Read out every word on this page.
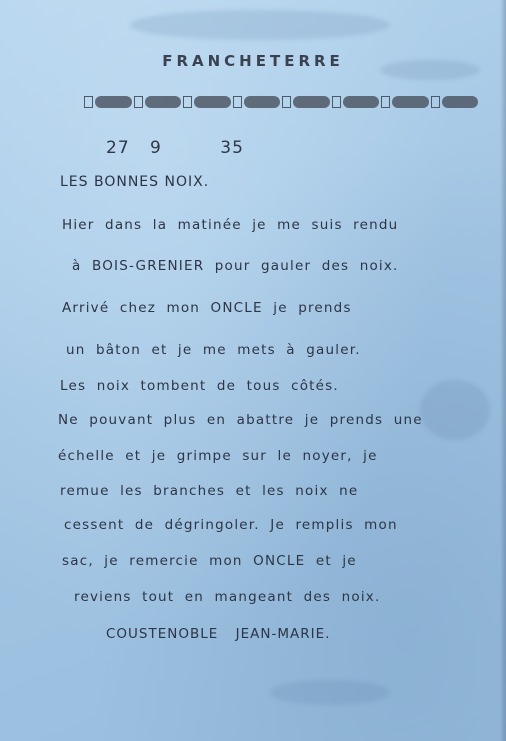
FRANCHETERRE
27 9	35
LES BONNES NOIX.
Hier dans la matinée je me suis rendu
à BOIS-GRENIER pour gauler des noix.
Arrivé chez mon ONCLE je prends
un bâton et je me mets à gauler.
Les noix tombent de tous côtés.
Ne pouvant plus en abattre je prends une
échelle et je grimpe sur le noyer, je
remue les branches et les noix ne
cessent de dégringoler. Je remplis mon
sac, je remercie mon ONCLE et je
reviens tout en mangeant des noix.
COUSTENOBLE JEAN-MARIE.
